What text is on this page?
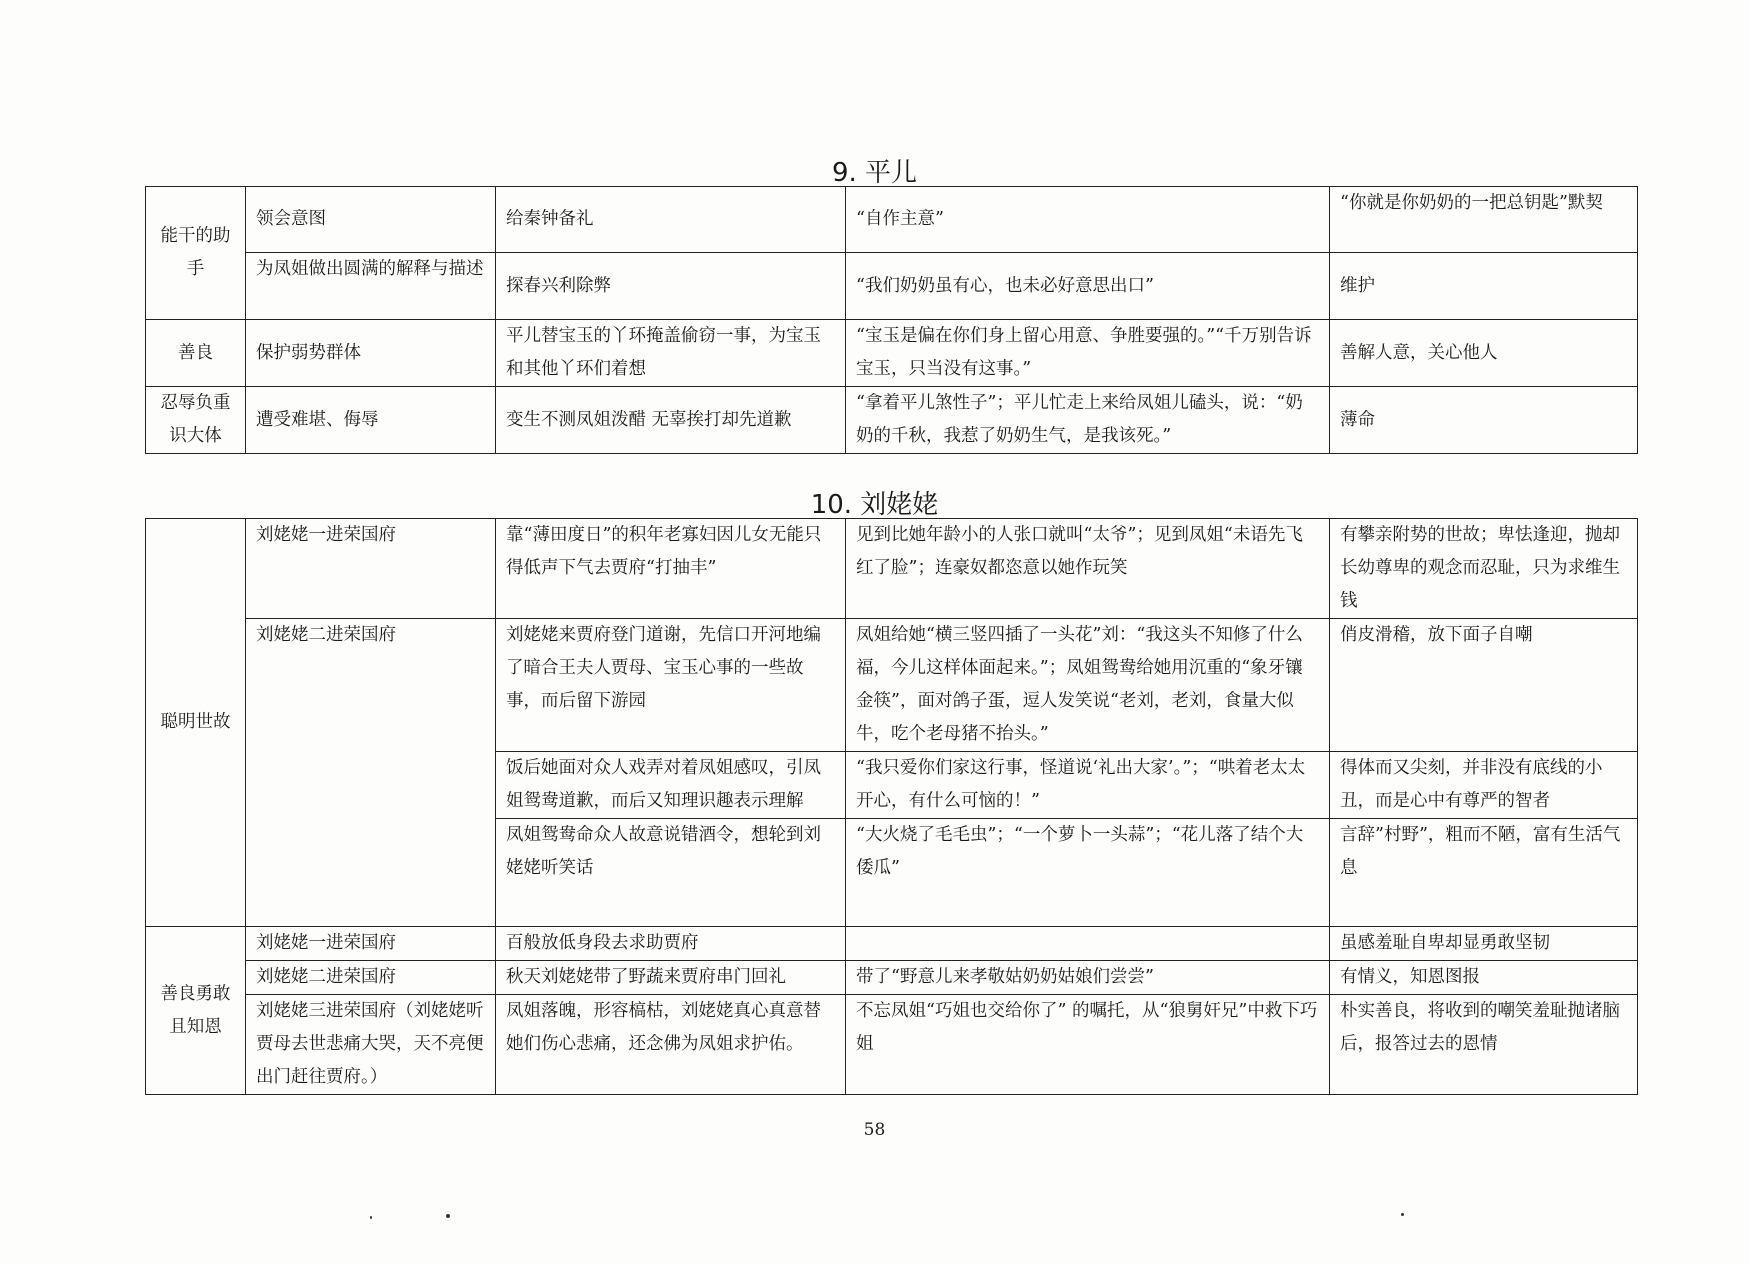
9. 平儿
能干的助手	领会意图	给秦钟备礼	“自作主意”	“你就是你奶奶的一把总钥匙”默契
	为凤姐做出圆满的解释与描述	探春兴利除弊	“我们奶奶虽有心，也未必好意思出口”	维护
善良	保护弱势群体	平儿替宝玉的丫环掩盖偷窃一事，为宝玉和其他丫环们着想	“宝玉是偏在你们身上留心用意、争胜要强的。”“千万别告诉宝玉，只当没有这事。”	善解人意，关心他人
忍辱负重识大体	遭受难堪、侮辱	变生不测凤姐泼醋 无辜挨打却先道歉	“拿着平儿煞性子”；平儿忙走上来给凤姐儿磕头，说：“奶奶的千秋，我惹了奶奶生气，是我该死。”	薄命
10. 刘姥姥
聪明世故	刘姥姥一进荣国府	靠“薄田度日”的积年老寡妇因儿女无能只得低声下气去贾府“打抽丰”	见到比她年龄小的人张口就叫“太爷”；见到凤姐“未语先飞红了脸”；连豪奴都恣意以她作玩笑	有攀亲附势的世故；卑怯逢迎，抛却长幼尊卑的观念而忍耻，只为求维生钱
	刘姥姥二进荣国府	刘姥姥来贾府登门道谢，先信口开河地编了暗合王夫人贾母、宝玉心事的一些故事，而后留下游园	凤姐给她“横三竖四插了一头花”刘：“我这头不知修了什么福，今儿这样体面起来。”；凤姐鸳鸯给她用沉重的“象牙镶金筷”，面对鸽子蛋，逗人发笑说“老刘，老刘，食量大似牛，吃个老母猪不抬头。”	俏皮滑稽，放下面子自嘲
		饭后她面对众人戏弄对着凤姐感叹，引凤姐鸳鸯道歉，而后又知理识趣表示理解	“我只爱你们家这行事，怪道说‘礼出大家’。”；“哄着老太太开心，有什么可恼的！”	得体而又尖刻，并非没有底线的小丑，而是心中有尊严的智者
		凤姐鸳鸯命众人故意说错酒令，想轮到刘姥姥听笑话	“大火烧了毛毛虫”；“一个萝卜一头蒜”；“花儿落了结个大倭瓜”	言辞”村野”，粗而不陋，富有生活气息
善良勇敢且知恩	刘姥姥一进荣国府	百般放低身段去求助贾府		虽感羞耻自卑却显勇敢坚韧
	刘姥姥二进荣国府	秋天刘姥姥带了野蔬来贾府串门回礼	带了“野意儿来孝敬姑奶奶姑娘们尝尝”	有情义，知恩图报
	刘姥姥三进荣国府（刘姥姥听贾母去世悲痛大哭，天不亮便出门赶往贾府。）	凤姐落魄，形容槁枯，刘姥姥真心真意替她们伤心悲痛，还念佛为凤姐求护佑。	不忘凤姐“巧姐也交给你了” 的嘱托，从“狼舅奸兄”中救下巧姐	朴实善良，将收到的嘲笑羞耻抛诸脑后，报答过去的恩情
58
